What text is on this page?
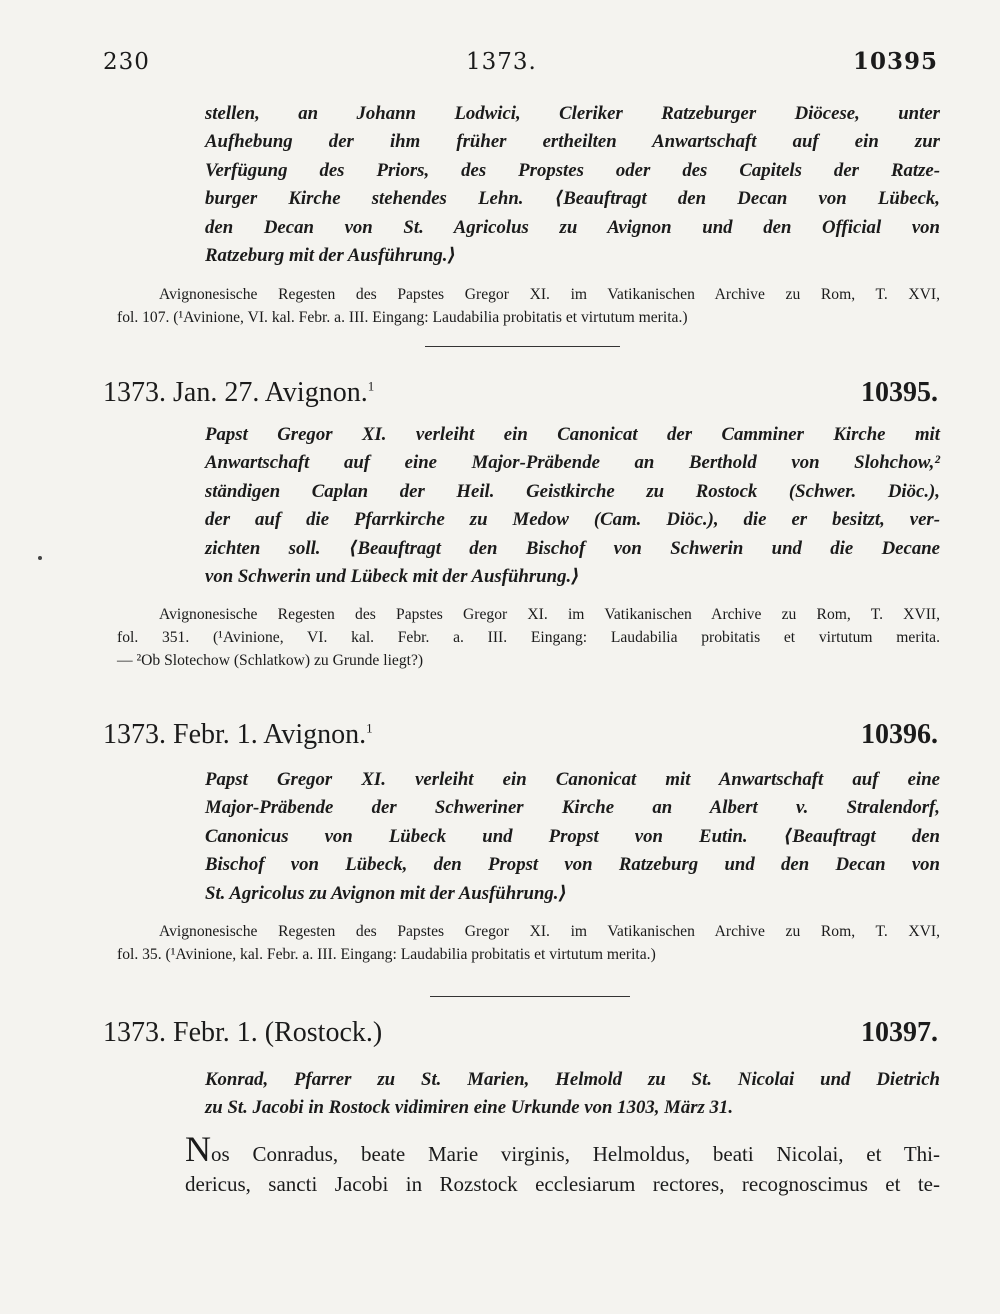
230	1373.	10395
stellen, an Johann Lodwici, Cleriker Ratzeburger Diöcese, unter
Aufhebung der ihm früher ertheilten Anwartschaft auf ein zur
Verfügung des Priors, des Propstes oder des Capitels der Ratze-
burger Kirche stehendes Lehn. ⟨Beauftragt den Decan von Lübeck,
den Decan von St. Agricolus zu Avignon und den Official von
Ratzeburg mit der Ausführung.⟩
Avignonesische Regesten des Papstes Gregor XI. im Vatikanischen Archive zu Rom, T. XVI,
fol. 107. (¹Avinione, VI. kal. Febr. a. III. Eingang: Laudabilia probitatis et virtutum merita.)
1373. Jan. 27. Avignon.$^1$	10395.
Papst Gregor XI. verleiht ein Canonicat der Camminer Kirche mit
Anwartschaft auf eine Major-Präbende an Berthold von Slohchow,²
ständigen Caplan der Heil. Geistkirche zu Rostock (Schwer. Diöc.),
der auf die Pfarrkirche zu Medow (Cam. Diöc.), die er besitzt, ver-
zichten soll. ⟨Beauftragt den Bischof von Schwerin und die Decane
von Schwerin und Lübeck mit der Ausführung.⟩
Avignonesische Regesten des Papstes Gregor XI. im Vatikanischen Archive zu Rom, T. XVII,
fol. 351. (¹Avinione, VI. kal. Febr. a. III. Eingang: Laudabilia probitatis et virtutum merita.
— ²Ob Slotechow (Schlatkow) zu Grunde liegt?)
1373. Febr. 1. Avignon.$^1$	10396.
Papst Gregor XI. verleiht ein Canonicat mit Anwartschaft auf eine
Major-Präbende der Schweriner Kirche an Albert v. Stralendorf,
Canonicus von Lübeck und Propst von Eutin. ⟨Beauftragt den
Bischof von Lübeck, den Propst von Ratzeburg und den Decan von
St. Agricolus zu Avignon mit der Ausführung.⟩
Avignonesische Regesten des Papstes Gregor XI. im Vatikanischen Archive zu Rom, T. XVI,
fol. 35. (¹Avinione, kal. Febr. a. III. Eingang: Laudabilia probitatis et virtutum merita.)
1373. Febr. 1. (Rostock.)	10397.
Konrad, Pfarrer zu St. Marien, Helmold zu St. Nicolai und Dietrich
zu St. Jacobi in Rostock vidimiren eine Urkunde von 1303, März 31.
Nos Conradus, beate Marie virginis, Helmoldus, beati Nicolai, et Thi-
dericus, sancti Jacobi in Rozstock ecclesiarum rectores, recognoscimus et te-
